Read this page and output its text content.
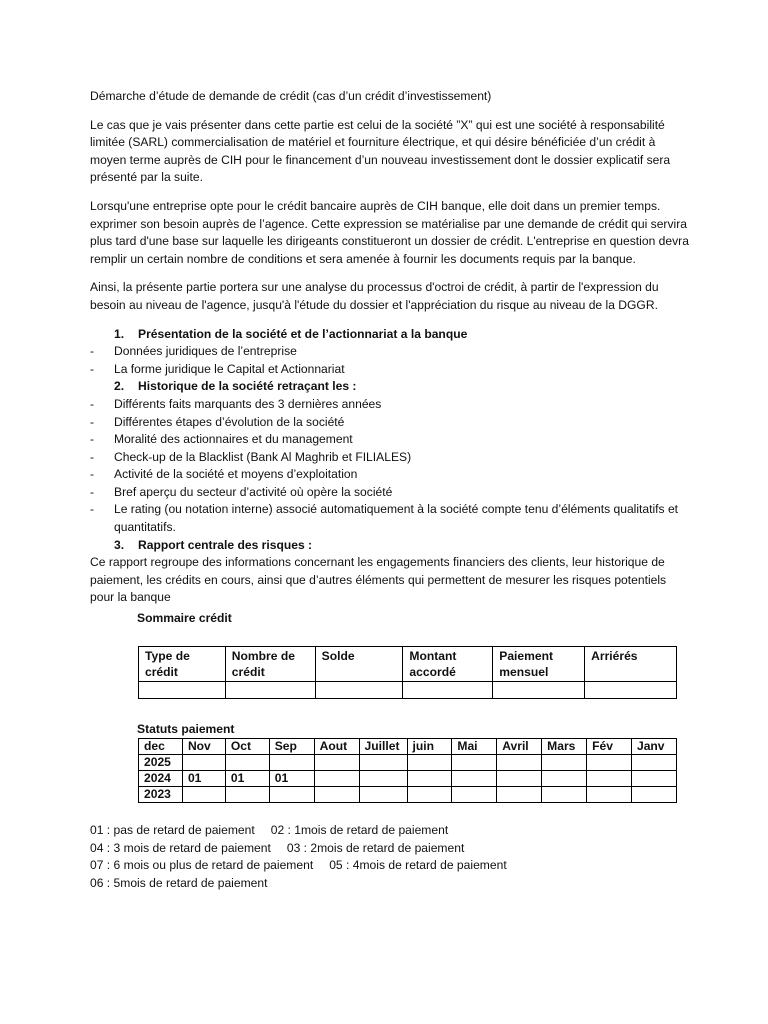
Démarche d’étude de demande de crédit (cas d’un crédit d’investissement)

Le cas que je vais présenter dans cette partie est celui de la société ”X” qui est une société à responsabilité limitée (SARL) commercialisation de matériel et fourniture électrique, et qui désire bénéficiée d’un crédit à moyen terme auprès de CIH pour le financement d’un nouveau investissement dont le dossier explicatif sera présenté par la suite.

Lorsqu'une entreprise opte pour le crédit bancaire auprès de CIH banque, elle doit dans un premier temps. exprimer son besoin auprès de l’agence. Cette expression se matérialise par une demande de crédit qui servira plus tard d'une base sur laquelle les dirigeants constitueront un dossier de crédit. L'entreprise en question devra remplir un certain nombre de conditions et sera amenée à fournir les documents requis par la banque.

Ainsi, la présente partie portera sur une analyse du processus d'octroi de crédit, à partir de l'expression du besoin au niveau de l'agence, jusqu'à l'étude du dossier et l'appréciation du risque au niveau de la DGGR.

1.	Présentation de la société et de l’actionnariat a la banque
-	Données juridiques de l’entreprise
-	La forme juridique le Capital et Actionnariat
2.	Historique de la société retraçant les :
-	Différents faits marquants des 3 dernières années
-	Différentes étapes d’évolution de la société
-	Moralité des actionnaires et du management
-	Check-up de la Blacklist (Bank Al Maghrib et FILIALES)
-	Activité de la société et moyens d’exploitation
-	Bref aperçu du secteur d’activité où opère la société
-	Le rating (ou notation interne) associé automatiquement à la société compte tenu d’éléments qualitatifs et quantitatifs.
3.	Rapport centrale des risques :
Ce rapport regroupe des informations concernant les engagements financiers des clients, leur historique de paiement, les crédits en cours, ainsi que d’autres éléments qui permettent de mesurer les risques potentiels pour la banque
Sommaire crédit
Type de crédit	Nombre de crédit	Solde	Montant accordé	Paiement mensuel	Arriérés

Statuts paiement
dec	Nov	Oct	Sep	Aout	Juillet	juin	Mai	Avril	Mars	Fév	Janv
2025											
2024	01	01	01								
2023											
01 : pas de retard de paiement 02 : 1mois de retard de paiement
04 : 3 mois de retard de paiement 03 : 2mois de retard de paiement
07 : 6 mois ou plus de retard de paiement 05 : 4mois de retard de paiement
06 : 5mois de retard de paiement
